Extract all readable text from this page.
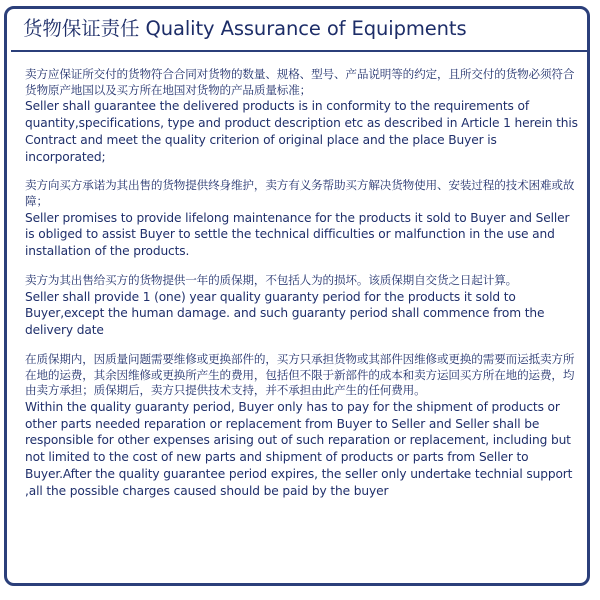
货物保证责任 Quality Assurance of Equipments

卖方应保证所交付的货物符合合同对货物的数量、规格、型号、产品说明等的约定，且所交付的货物必须符合货物原产地国以及买方所在地国对货物的产品质量标准；

Seller shall guarantee the delivered products is in conformity to the requirements of quantity,specifications, type and product description etc as described in Article 1 herein this Contract and meet the quality criterion of original place and the place Buyer is incorporated;

卖方向买方承诺为其出售的货物提供终身维护，卖方有义务帮助买方解决货物使用、安装过程的技术困难或故障；

Seller promises to provide lifelong maintenance for the products it sold to Buyer and Seller is obliged to assist Buyer to settle the technical difficulties or malfunction in the use and installation of the products.

卖方为其出售给买方的货物提供一年的质保期，不包括人为的损坏。该质保期自交货之日起计算。

Seller shall provide 1 (one) year quality guaranty period for the products it sold to Buyer,except the human damage. and such guaranty period shall commence from the delivery date

在质保期内，因质量问题需要维修或更换部件的，买方只承担货物或其部件因维修或更换的需要而运抵卖方所在地的运费，其余因维修或更换所产生的费用，包括但不限于新部件的成本和卖方运回买方所在地的运费，均由卖方承担；质保期后，卖方只提供技术支持，并不承担由此产生的任何费用。

Within the quality guaranty period, Buyer only has to pay for the shipment of products or other parts needed reparation or replacement from Buyer to Seller and Seller shall be responsible for other expenses arising out of such reparation or replacement, including but not limited to the cost of new parts and shipment of products or parts from Seller to Buyer.After the quality guarantee period expires, the seller only undertake technial support ,all the possible charges caused should be paid by the buyer
